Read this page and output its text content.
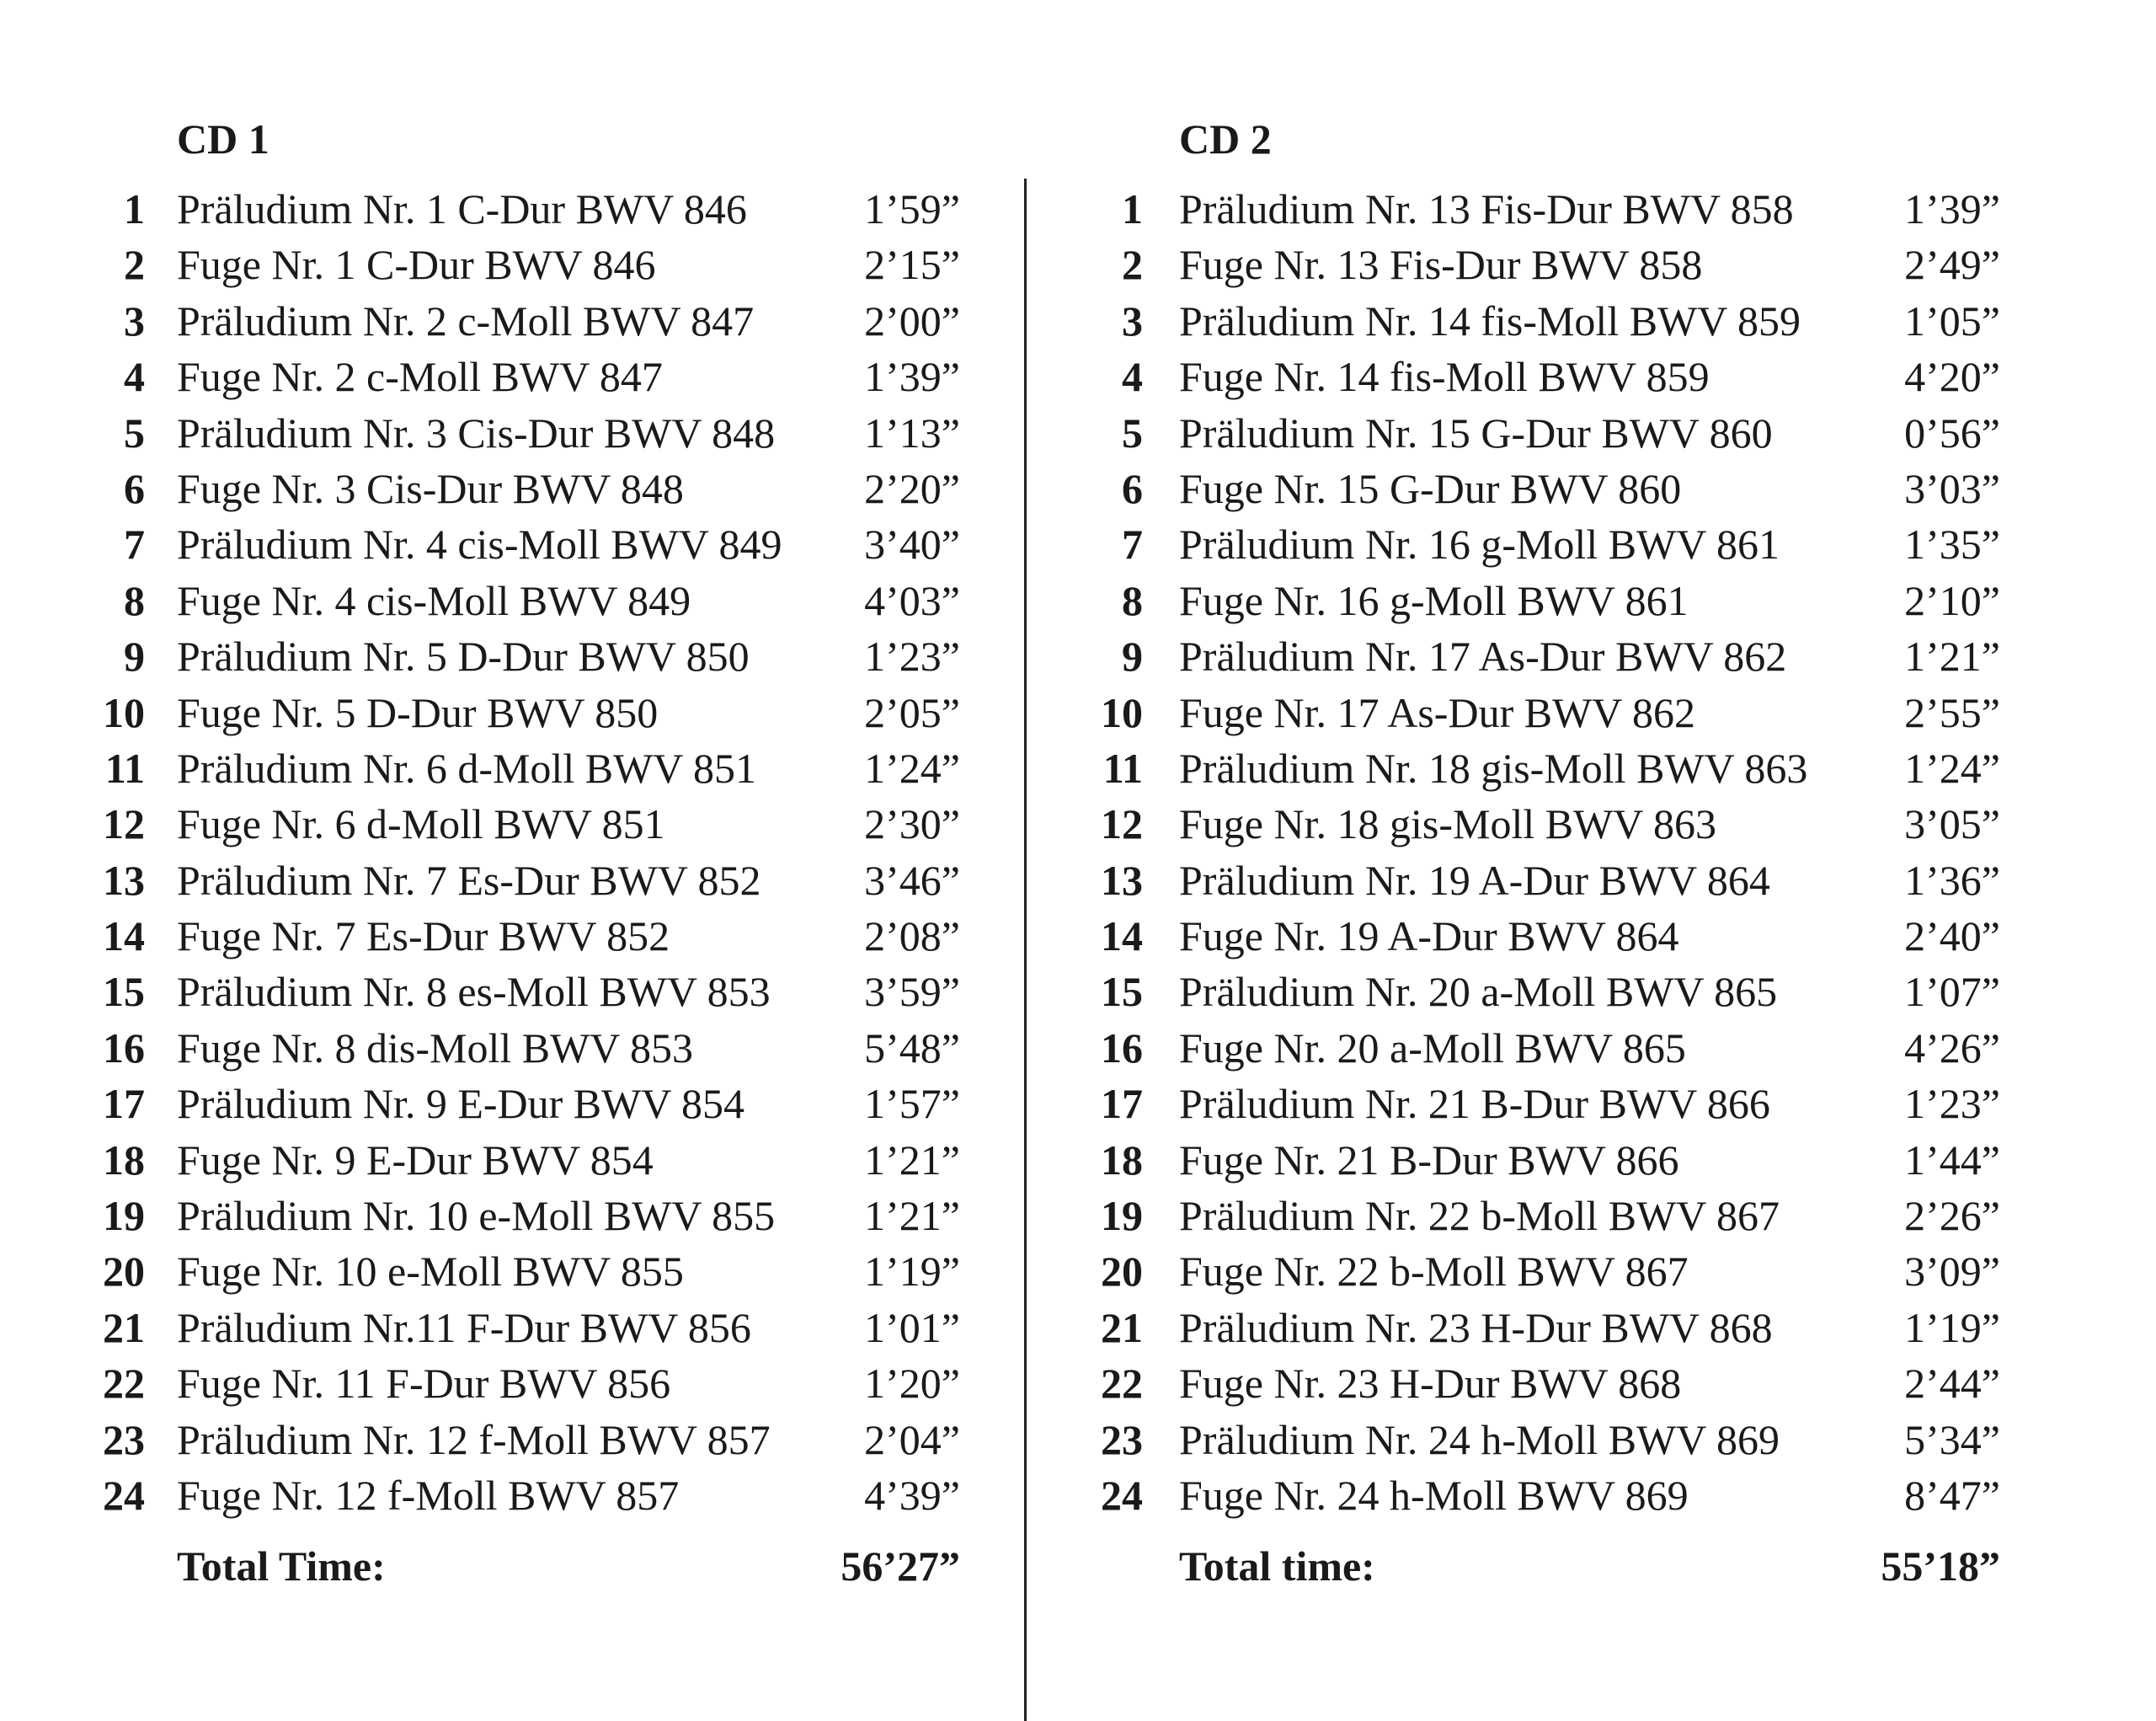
CD 1
1 Präludium Nr. 1 C-Dur BWV 846	1’59”
2 Fuge Nr. 1 C-Dur BWV 846	2’15”
3 Präludium Nr. 2 c-Moll BWV 847	2’00”
4 Fuge Nr. 2 c-Moll BWV 847	1’39”
5 Präludium Nr. 3 Cis-Dur BWV 848 1’13”
6 Fuge Nr. 3 Cis-Dur BWV 848	2’20”
7 Präludium Nr. 4 cis-Moll BWV 849 3’40”
8 Fuge Nr. 4 cis-Moll BWV 849	4’03”
9 Präludium Nr. 5 D-Dur BWV 850	1’23”
10 Fuge Nr. 5 D-Dur BWV 850	2’05”
11 Präludium Nr. 6 d-Moll BWV 851	1’24”
12 Fuge Nr. 6 d-Moll BWV 851	2’30”
13 Präludium Nr. 7 Es-Dur BWV 852 3’46”
14 Fuge Nr. 7 Es-Dur BWV 852	2’08”
15 Präludium Nr. 8 es-Moll BWV 853 3’59”
16 Fuge Nr. 8 dis-Moll BWV 853	5’48”
17 Präludium Nr. 9 E-Dur BWV 854	1’57”
18 Fuge Nr. 9 E-Dur BWV 854	1’21”
19 Präludium Nr. 10 e-Moll BWV 855 1’21”
20 Fuge Nr. 10 e-Moll BWV 855	1’19”
21 Präludium Nr.11 F-Dur BWV 856	1’01”
22 Fuge Nr. 11 F-Dur BWV 856	1’20”
23 Präludium Nr. 12 f-Moll BWV 857 2’04”
24 Fuge Nr. 12 f-Moll BWV 857	4’39”
Total Time:	56’27”
CD 2
1 Präludium Nr. 13 Fis-Dur BWV 858	1’39”
2 Fuge Nr. 13 Fis-Dur BWV 858	2’49”
3 Präludium Nr. 14 fis-Moll BWV 859 1’05”
4 Fuge Nr. 14 fis-Moll BWV 859	4’20”
5 Präludium Nr. 15 G-Dur BWV 860	0’56”
6 Fuge Nr. 15 G-Dur BWV 860	3’03”
7 Präludium Nr. 16 g-Moll BWV 861	1’35”
8 Fuge Nr. 16 g-Moll BWV 861	2’10”
9 Präludium Nr. 17 As-Dur BWV 862	1’21”
10 Fuge Nr. 17 As-Dur BWV 862	2’55”
11 Präludium Nr. 18 gis-Moll BWV 863 1’24”
12 Fuge Nr. 18 gis-Moll BWV 863	3’05”
13 Präludium Nr. 19 A-Dur BWV 864	1’36”
14 Fuge Nr. 19 A-Dur BWV 864	2’40”
15 Präludium Nr. 20 a-Moll BWV 865	1’07”
16 Fuge Nr. 20 a-Moll BWV 865	4’26”
17 Präludium Nr. 21 B-Dur BWV 866	1’23”
18 Fuge Nr. 21 B-Dur BWV 866	1’44”
19 Präludium Nr. 22 b-Moll BWV 867	2’26”
20 Fuge Nr. 22 b-Moll BWV 867	3’09”
21 Präludium Nr. 23 H-Dur BWV 868	1’19”
22 Fuge Nr. 23 H-Dur BWV 868	2’44”
23 Präludium Nr. 24 h-Moll BWV 869	5’34”
24 Fuge Nr. 24 h-Moll BWV 869	8’47”
Total time:	55’18”
